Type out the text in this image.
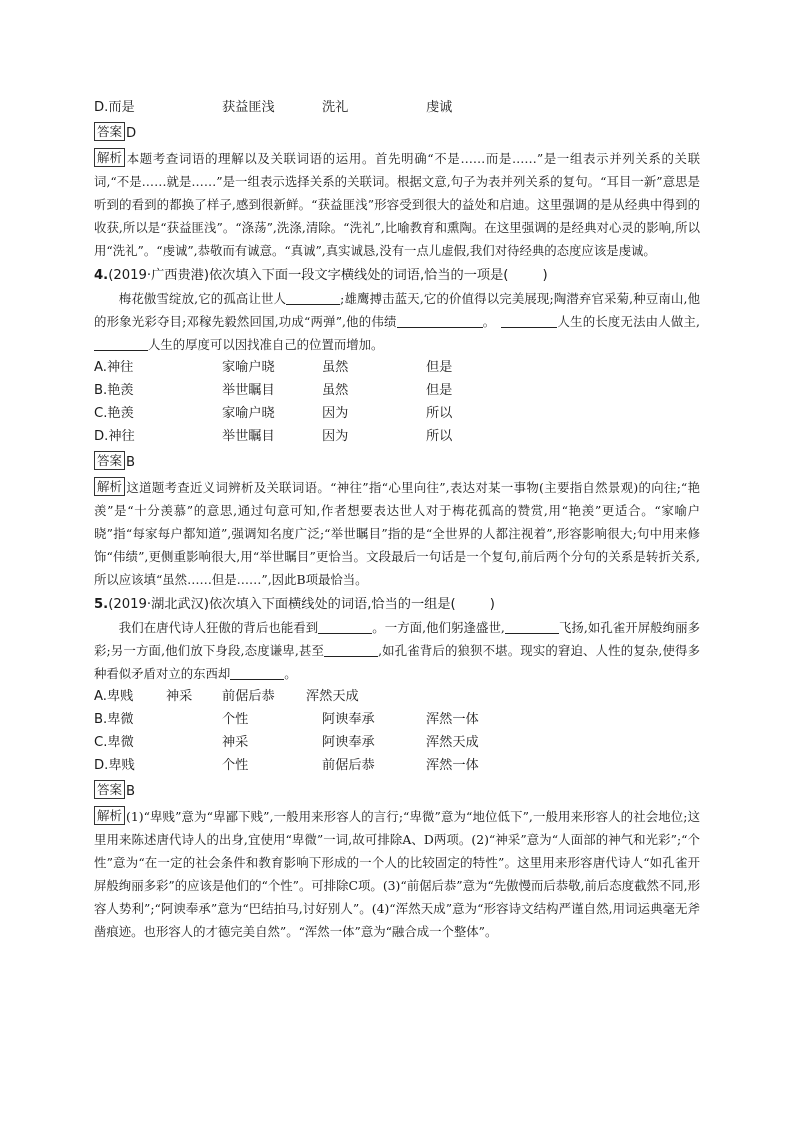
D.而是	获益匪浅	洗礼	虔诚
答案 D

解析 本题考查词语的理解以及关联词语的运用。首先明确“不是……而是……”是一组表示并列关系的关联词,“不是……就是……”是一组表示选择关系的关联词。根据文意,句子为表并列关系的复句。“耳目一新”意思是听到的看到的都换了样子,感到很新鲜。“获益匪浅”形容受到很大的益处和启迪。这里强调的是从经典中得到的收获,所以是“获益匪浅”。“涤荡”,洗涤,清除。“洗礼”,比喻教育和熏陶。在这里强调的是经典对心灵的影响,所以用“洗礼”。“虔诚”,恭敬而有诚意。“真诚”,真实诚恳,没有一点儿虚假,我们对待经典的态度应该是虔诚。

4.(2019·广西贵港)依次填入下面一段文字横线处的词语,恰当的一项是(	)

梅花傲雪绽放,它的孤高让世人	;雄鹰搏击蓝天,它的价值得以完美展现;陶潜弃官采菊,种豆南山,他的形象光彩夺目;邓稼先毅然回国,功成“两弹”,他的伟绩	。	人生的长度无法由人做主,人生的厚度可以因找准自己的位置而增加。

A.神往	家喻户晓	虽然	但是
B.艳羡	举世瞩目	虽然	但是
C.艳羡	家喻户晓	因为	所以
D.神往	举世瞩目	因为	所以
答案 B

解析 这道题考查近义词辨析及关联词语。“神往”指“心里向往”,表达对某一事物(主要指自然景观)的向往;“艳羡”是“十分羡慕”的意思,通过句意可知,作者想要表达世人对于梅花孤高的赞赏,用“艳羡”更适合。“家喻户晓”指“每家每户都知道”,强调知名度广泛;“举世瞩目”指的是“全世界的人都注视着”,形容影响很大;句中用来修饰“伟绩”,更侧重影响很大,用“举世瞩目”更恰当。文段最后一句话是一个复句,前后两个分句的关系是转折关系,所以应该填“虽然……但是……”,因此B项最恰当。

5.(2019·湖北武汉)依次填入下面横线处的词语,恰当的一组是(	)

我们在唐代诗人狂傲的背后也能看到	。一方面,他们躬逢盛世,	飞扬,如孔雀开屏般绚丽多彩;另一方面,他们放下身段,态度谦卑,甚至	,如孔雀背后的狼狈不堪。现实的窘迫、人性的复杂,使得多种看似矛盾对立的东西却	。

A.卑贱 神采 前倨后恭 浑然天成
B.卑微	个性	阿谀奉承	浑然一体
C.卑微	神采	阿谀奉承	浑然天成
D.卑贱	个性	前倨后恭	浑然一体
答案 B

解析 (1)“卑贱”意为“卑鄙下贱”,一般用来形容人的言行;“卑微”意为“地位低下”,一般用来形容人的社会地位;这里用来陈述唐代诗人的出身,宜使用“卑微”一词,故可排除A、D两项。(2)“神采”意为“人面部的神气和光彩”;“个性”意为“在一定的社会条件和教育影响下形成的一个人的比较固定的特性”。这里用来形容唐代诗人“如孔雀开屏般绚丽多彩”的应该是他们的“个性”。可排除C项。(3)“前倨后恭”意为“先傲慢而后恭敬,前后态度截然不同,形容人势利”;“阿谀奉承”意为“巴结拍马,讨好别人”。(4)“浑然天成”意为“形容诗文结构严谨自然,用词运典毫无斧凿痕迹。也形容人的才德完美自然”。“浑然一体”意为“融合成一个整体”。
